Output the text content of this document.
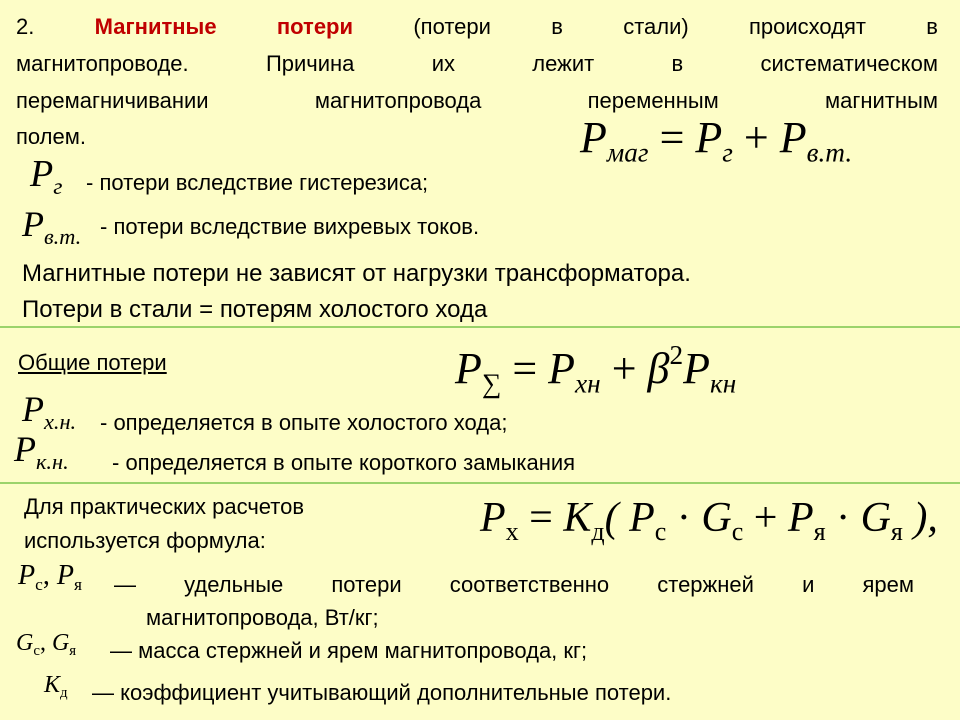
2.	Магнитные потери	(потери в стали) происходят в
магнитопроводе. Причина их лежит в систематическом
перемагничивании магнитопровода переменным магнитным
полем.	$P_{маг} = P_г + P_{в.т.}$
$P_г$ - потери вследствие гистерезиса;
$P_{в.т.}$ - потери вследствие вихревых токов.
Магнитные потери не зависят от нагрузки трансформатора.
Потери в стали = потерям холостого хода
Общие потери	$P_\sum = P_{хн} + \beta^2P_{кн}$
$P_{х.н.}$ - определяется в опыте холостого хода;
$P_{к.н.}$ - определяется в опыте короткого замыкания
Для практических расчетов
используется формула:	$P_х = K_д$( $P_с \cdot G_с + P_я \cdot G_я$ ),
$P_с$, $P_я$ — удельные потери соответственно стержней и ярем
магнитопровода, Вт/кг;
$G_с$, $G_я$ — масса стержней и ярем магнитопровода, кг;
$K_д$ — коэффициент учитывающий дополнительные потери.
